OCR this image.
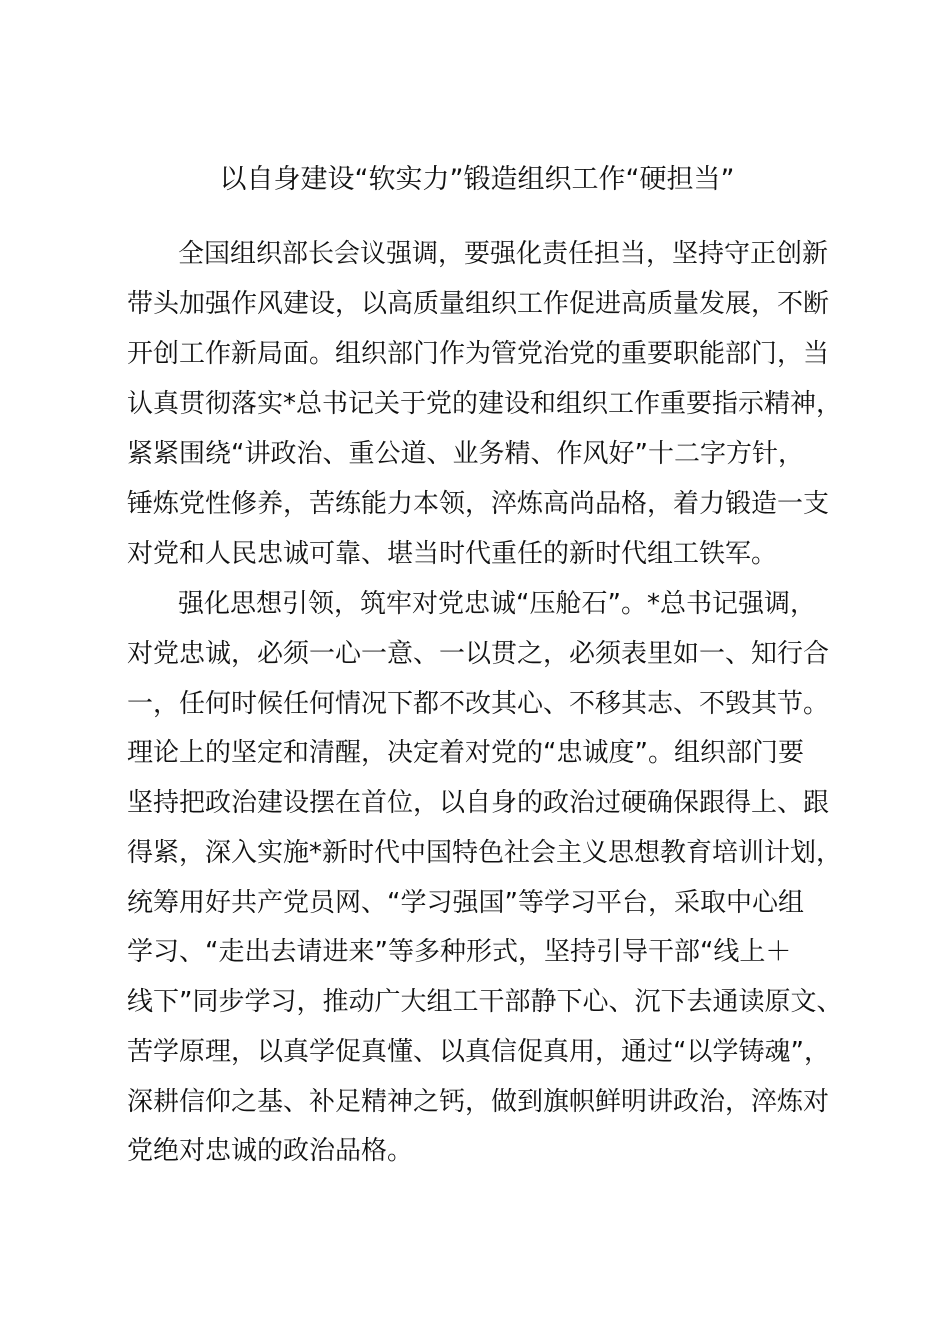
以自身建设“软实力”锻造组织工作“硬担当”
全国组织部长会议强调，要强化责任担当，坚持守正创新
带头加强作风建设，以高质量组织工作促进高质量发展，不断
开创工作新局面。组织部门作为管党治党的重要职能部门，当
认真贯彻落实*总书记关于党的建设和组织工作重要指示精神，
紧紧围绕“讲政治、重公道、业务精、作风好”十二字方针，
锤炼党性修养，苦练能力本领，淬炼高尚品格，着力锻造一支
对党和人民忠诚可靠、堪当时代重任的新时代组工铁军。
强化思想引领，筑牢对党忠诚“压舱石”。*总书记强调，
对党忠诚，必须一心一意、一以贯之，必须表里如一、知行合
一，任何时候任何情况下都不改其心、不移其志、不毁其节。
理论上的坚定和清醒，决定着对党的“忠诚度”。组织部门要
坚持把政治建设摆在首位，以自身的政治过硬确保跟得上、跟
得紧，深入实施*新时代中国特色社会主义思想教育培训计划，
统筹用好共产党员网、“学习强国”等学习平台，采取中心组
学习、“走出去请进来”等多种形式，坚持引导干部“线上＋
线下”同步学习，推动广大组工干部静下心、沉下去通读原文、
苦学原理，以真学促真懂、以真信促真用，通过“以学铸魂”，
深耕信仰之基、补足精神之钙，做到旗帜鲜明讲政治，淬炼对
党绝对忠诚的政治品格。
